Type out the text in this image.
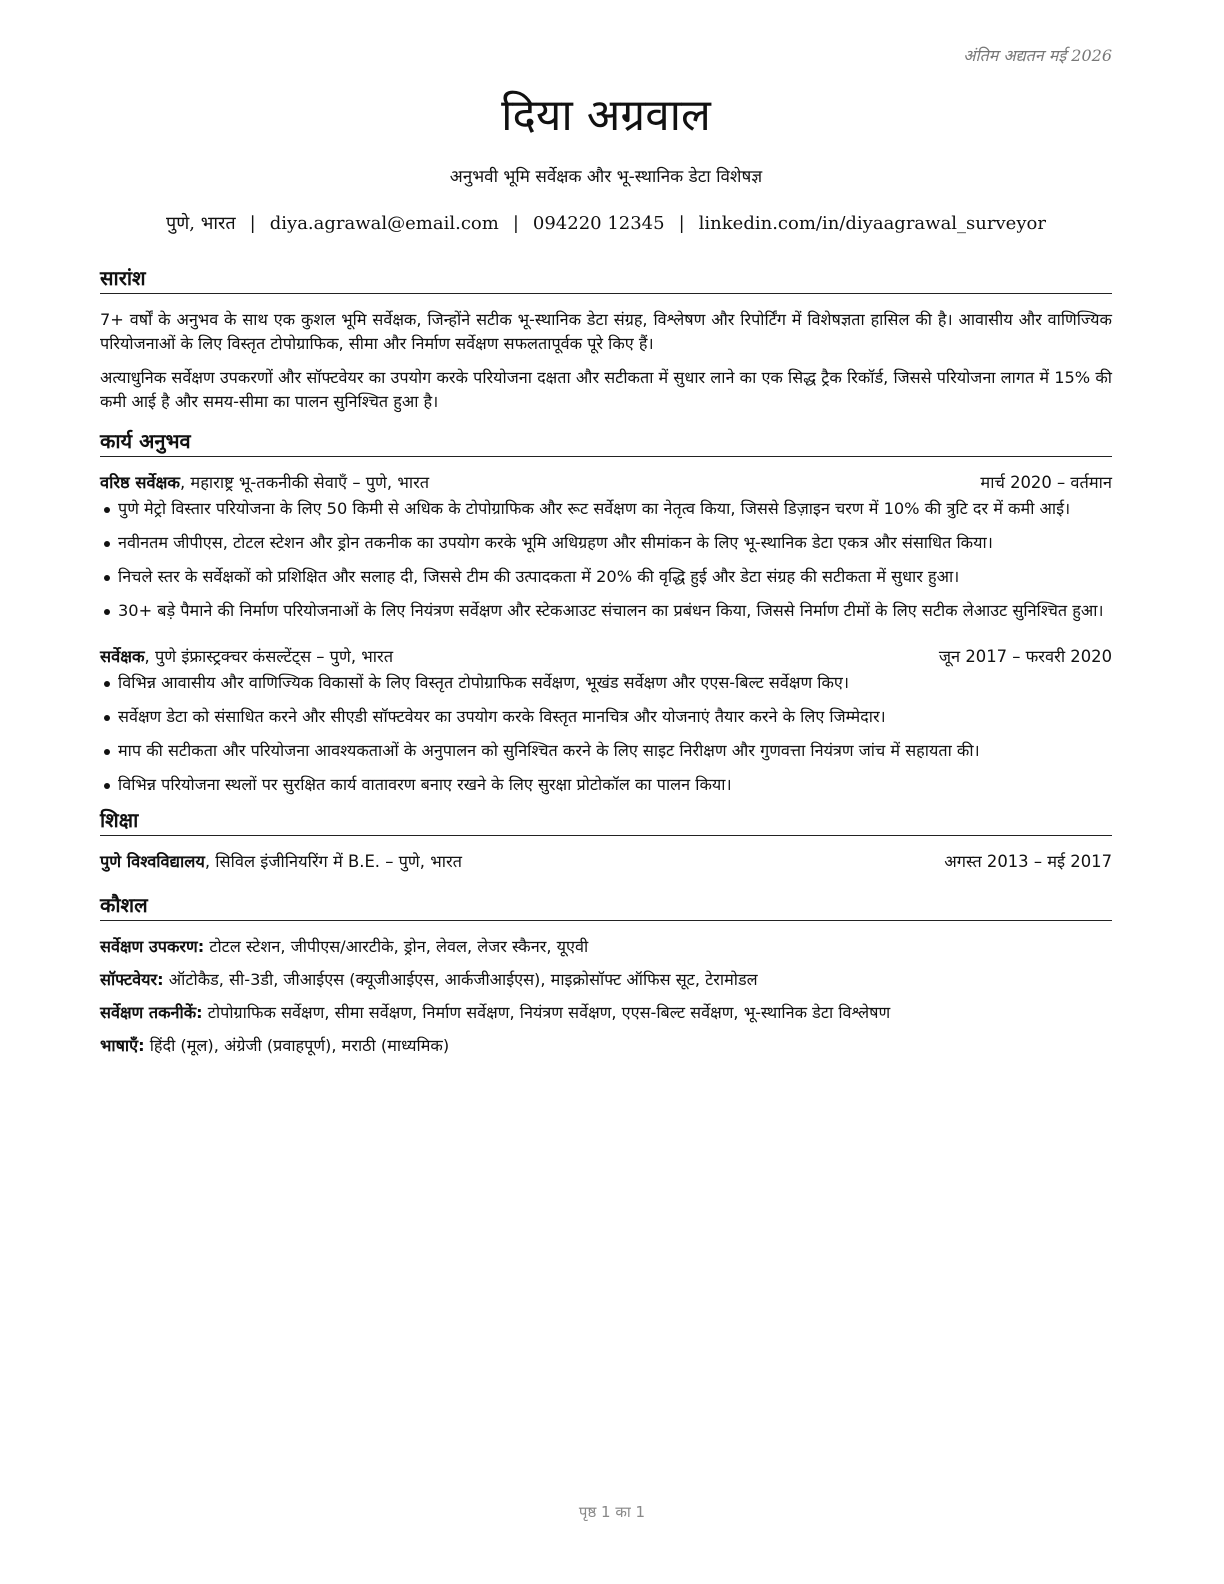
अंतिम अद्यतन मई 2026
दिया अग्रवाल
अनुभवी भूमि सर्वेक्षक और भू-स्थानिक डेटा विशेषज्ञ
पुणे, भारत | diya.agrawal@email.com | 094220 12345 | linkedin.com/in/diyaagrawal_surveyor
सारांश

7+ वर्षों के अनुभव के साथ एक कुशल भूमि सर्वेक्षक, जिन्होंने सटीक भू-स्थानिक डेटा संग्रह, विश्लेषण और रिपोर्टिंग में विशेषज्ञता हासिल की है। आवासीय और वाणिज्यिक परियोजनाओं के लिए विस्तृत टोपोग्राफिक, सीमा और निर्माण सर्वेक्षण सफलतापूर्वक पूरे किए हैं।

अत्याधुनिक सर्वेक्षण उपकरणों और सॉफ्टवेयर का उपयोग करके परियोजना दक्षता और सटीकता में सुधार लाने का एक सिद्ध ट्रैक रिकॉर्ड, जिससे परियोजना लागत में 15% की कमी आई है और समय-सीमा का पालन सुनिश्चित हुआ है।

कार्य अनुभव
वरिष्ठ सर्वेक्षक, महाराष्ट्र भू-तकनीकी सेवाएँ – पुणे, भारत	मार्च 2020 – वर्तमान
पुणे मेट्रो विस्तार परियोजना के लिए 50 किमी से अधिक के टोपोग्राफिक और रूट सर्वेक्षण का नेतृत्व किया, जिससे डिज़ाइन चरण में 10% की त्रुटि दर में कमी आई।
नवीनतम जीपीएस, टोटल स्टेशन और ड्रोन तकनीक का उपयोग करके भूमि अधिग्रहण और सीमांकन के लिए भू-स्थानिक डेटा एकत्र और संसाधित किया।
निचले स्तर के सर्वेक्षकों को प्रशिक्षित और सलाह दी, जिससे टीम की उत्पादकता में 20% की वृद्धि हुई और डेटा संग्रह की सटीकता में सुधार हुआ।
30+ बड़े पैमाने की निर्माण परियोजनाओं के लिए नियंत्रण सर्वेक्षण और स्टेकआउट संचालन का प्रबंधन किया, जिससे निर्माण टीमों के लिए सटीक लेआउट सुनिश्चित हुआ।
सर्वेक्षक, पुणे इंफ्रास्ट्रक्चर कंसल्टेंट्स – पुणे, भारत	जून 2017 – फरवरी 2020
विभिन्न आवासीय और वाणिज्यिक विकासों के लिए विस्तृत टोपोग्राफिक सर्वेक्षण, भूखंड सर्वेक्षण और एएस-बिल्ट सर्वेक्षण किए।
सर्वेक्षण डेटा को संसाधित करने और सीएडी सॉफ्टवेयर का उपयोग करके विस्तृत मानचित्र और योजनाएं तैयार करने के लिए जिम्मेदार।
माप की सटीकता और परियोजना आवश्यकताओं के अनुपालन को सुनिश्चित करने के लिए साइट निरीक्षण और गुणवत्ता नियंत्रण जांच में सहायता की।
विभिन्न परियोजना स्थलों पर सुरक्षित कार्य वातावरण बनाए रखने के लिए सुरक्षा प्रोटोकॉल का पालन किया।
शिक्षा
पुणे विश्वविद्यालय, सिविल इंजीनियरिंग में B.E. – पुणे, भारत	अगस्त 2013 – मई 2017
कौशल
सर्वेक्षण उपकरण: टोटल स्टेशन, जीपीएस/आरटीके, ड्रोन, लेवल, लेजर स्कैनर, यूएवी
सॉफ्टवेयर: ऑटोकैड, सी-3डी, जीआईएस (क्यूजीआईएस, आर्कजीआईएस), माइक्रोसॉफ्ट ऑफिस सूट, टेरामोडल
सर्वेक्षण तकनीकें: टोपोग्राफिक सर्वेक्षण, सीमा सर्वेक्षण, निर्माण सर्वेक्षण, नियंत्रण सर्वेक्षण, एएस-बिल्ट सर्वेक्षण, भू-स्थानिक डेटा विश्लेषण
भाषाएँ: हिंदी (मूल), अंग्रेजी (प्रवाहपूर्ण), मराठी (माध्यमिक)
पृष्ठ 1 का 1
